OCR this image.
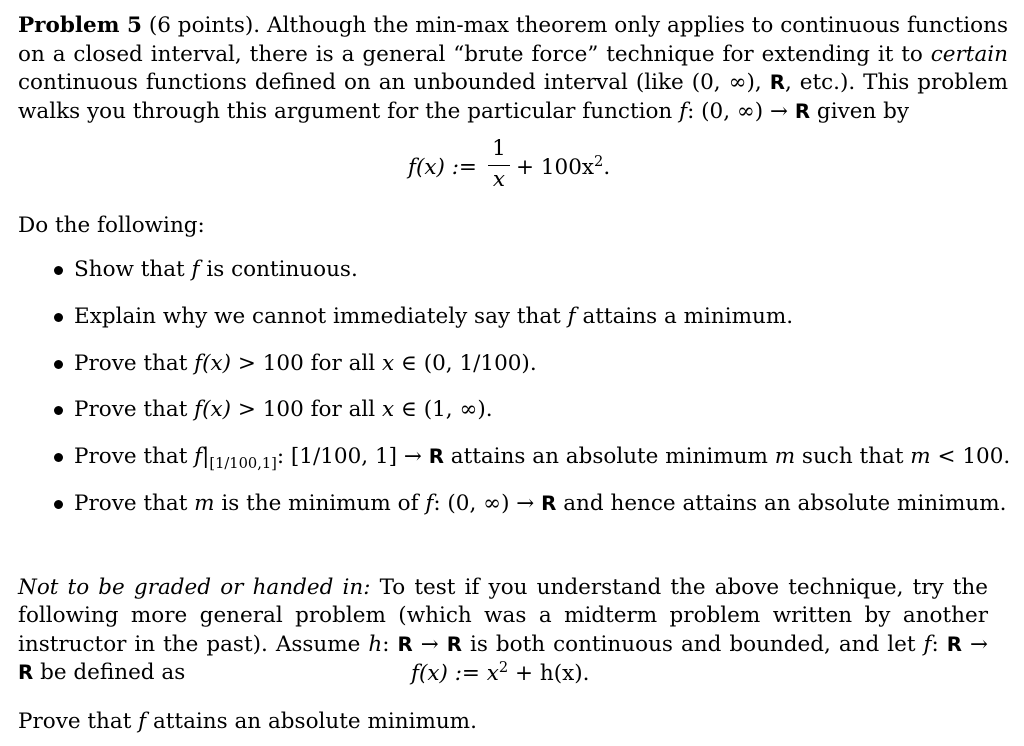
Problem 5 (6 points). Although the min-max theorem only applies to continuous functions on a closed interval, there is a general “brute force” technique for extending it to certain continuous functions defined on an unbounded interval (like (0, ∞), R, etc.). This problem walks you through this argument for the particular function f: (0, ∞) → R given by

f(x) :=
1
$x + 100x^2$.
Do the following:
Show that f is continuous.
Explain why we cannot immediately say that f attains a minimum.
Prove that f(x) > 100 for all x ∈ (0, 1/100).
Prove that f(x) > 100 for all x ∈ (1, ∞).
Prove that $f|_{[1/100,1]}$: [1/100, 1] → R attains an absolute minimum m such that m < 100.
Prove that m is the minimum of f: (0, ∞) → R and hence attains an absolute minimum.

Not to be graded or handed in: To test if you understand the above technique, try the following more general problem (which was a midterm problem written by another instructor in the past). Assume h: R → R is both continuous and bounded, and let f: R → R be defined as	f(x) := $x^2 + h(x)$.
Prove that f attains an absolute minimum.
